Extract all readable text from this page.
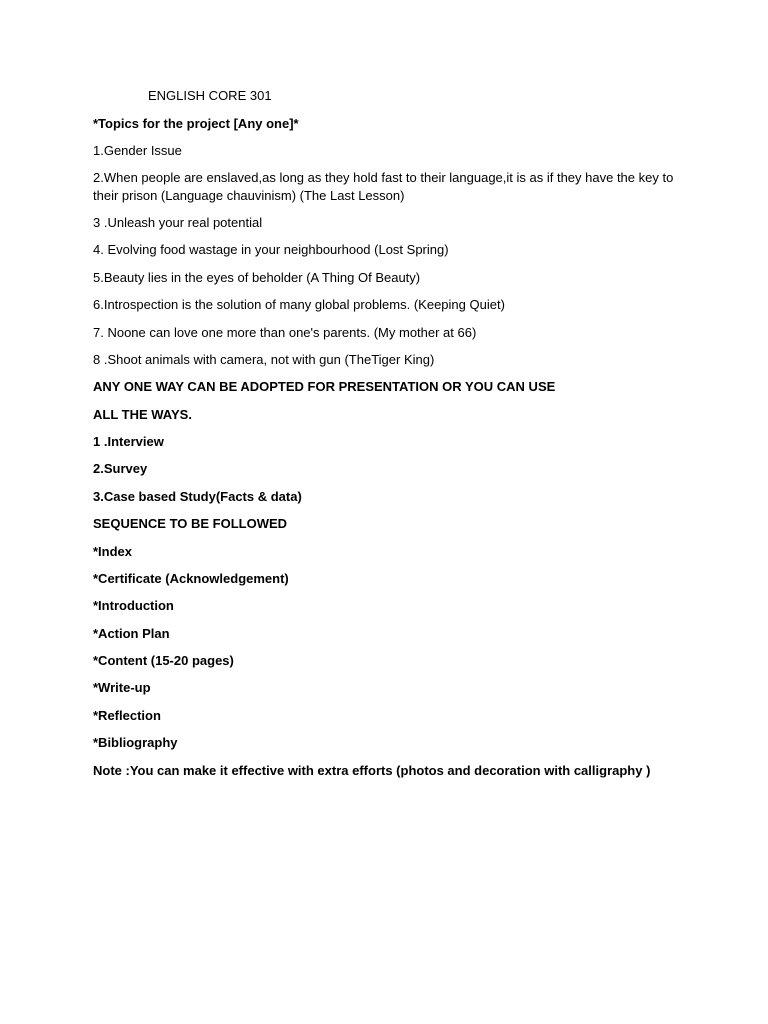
ENGLISH CORE 301
*Topics for the project [Any one]*
1.Gender Issue
2.When people are enslaved,as long as they hold fast to their language,it is as if they have the key to their prison (Language chauvinism) (The Last Lesson)
3 .Unleash your real potential
4. Evolving food wastage in your neighbourhood (Lost Spring)
5.Beauty lies in the eyes of beholder (A Thing Of Beauty)
6.Introspection is the solution of many global problems. (Keeping Quiet)
7. Noone can love one more than one's parents. (My mother at 66)
8 .Shoot animals with camera, not with gun (TheTiger King)
ANY ONE WAY CAN BE ADOPTED FOR PRESENTATION OR YOU CAN USE
ALL THE WAYS.
1 .Interview
2.Survey
3.Case based Study(Facts & data)
SEQUENCE TO BE FOLLOWED
*Index
*Certificate (Acknowledgement)
*Introduction
*Action Plan
*Content (15-20 pages)
*Write-up
*Reflection
*Bibliography
Note :You can make it effective with extra efforts (photos and decoration with calligraphy )
